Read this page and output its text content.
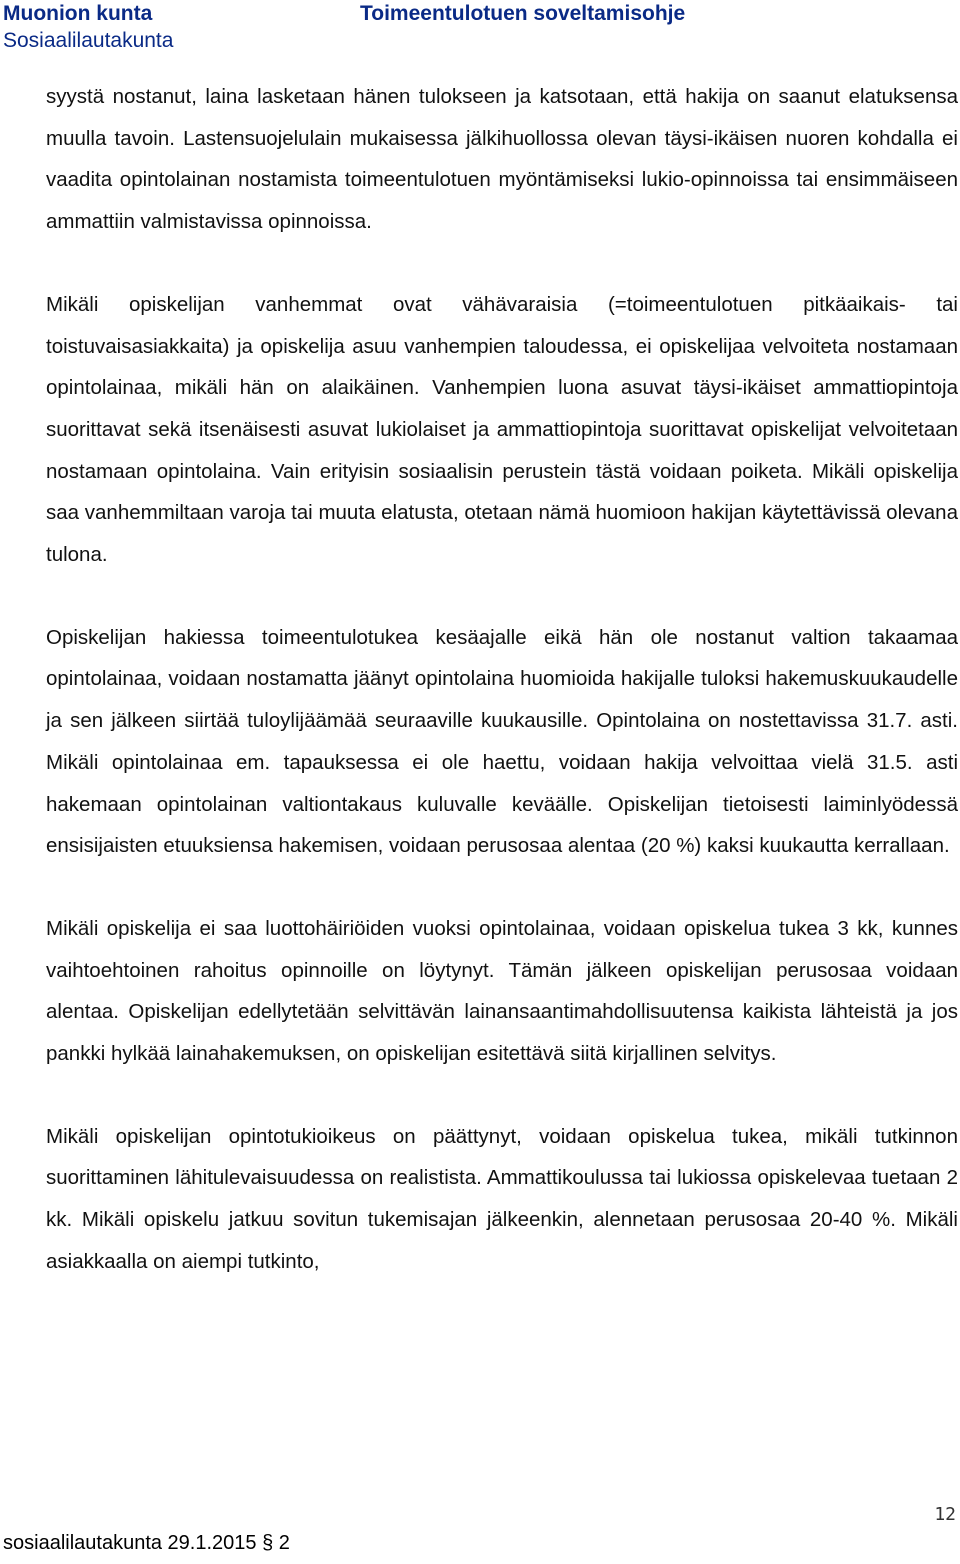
Muonion kunta
Sosiaalilautakunta
Toimeentulotuen soveltamisohje

syystä nostanut, laina lasketaan hänen tulokseen ja katsotaan, että hakija on saanut elatuksensa muulla tavoin. Lastensuojelulain mukaisessa jälkihuollossa olevan täysi-ikäisen nuoren kohdalla ei vaadita opintolainan nostamista toimeentulotuen myöntämiseksi lukio-opinnoissa tai ensimmäiseen ammattiin valmistavissa opinnoissa.

Mikäli opiskelijan vanhemmat ovat vähävaraisia (=toimeentulotuen pitkäaikais- tai toistuvaisasiakkaita) ja opiskelija asuu vanhempien taloudessa, ei opiskelijaa velvoiteta nostamaan opintolainaa, mikäli hän on alaikäinen. Vanhempien luona asuvat täysi-ikäiset ammattiopintoja suorittavat sekä itsenäisesti asuvat lukiolaiset ja ammattiopintoja suorittavat opiskelijat velvoitetaan nostamaan opintolaina. Vain erityisin sosiaalisin perustein tästä voidaan poiketa. Mikäli opiskelija saa vanhemmiltaan varoja tai muuta elatusta, otetaan nämä huomioon hakijan käytettävissä olevana tulona.

Opiskelijan hakiessa toimeentulotukea kesäajalle eikä hän ole nostanut valtion takaamaa opintolainaa, voidaan nostamatta jäänyt opintolaina huomioida hakijalle tuloksi hakemuskuukaudelle ja sen jälkeen siirtää tuloylijäämää seuraaville kuukausille. Opintolaina on nostettavissa 31.7. asti. Mikäli opintolainaa em. tapauksessa ei ole haettu, voidaan hakija velvoittaa vielä 31.5. asti hakemaan opintolainan valtiontakaus kuluvalle keväälle. Opiskelijan tietoisesti laiminlyödessä ensisijaisten etuuksiensa hakemisen, voidaan perusosaa alentaa (20 %) kaksi kuukautta kerrallaan.

Mikäli opiskelija ei saa luottohäiriöiden vuoksi opintolainaa, voidaan opiskelua tukea 3 kk, kunnes vaihtoehtoinen rahoitus opinnoille on löytynyt. Tämän jälkeen opiskelijan perusosaa voidaan alentaa. Opiskelijan edellytetään selvittävän lainansaantimahdollisuutensa kaikista lähteistä ja jos pankki hylkää lainahakemuksen, on opiskelijan esitettävä siitä kirjallinen selvitys.

Mikäli opiskelijan opintotukioikeus on päättynyt, voidaan opiskelua tukea, mikäli tutkinnon suorittaminen lähitulevaisuudessa on realistista. Ammattikoulussa tai lukiossa opiskelevaa tuetaan 2 kk. Mikäli opiskelu jatkuu sovitun tukemisajan jälkeenkin, alennetaan perusosaa 20-40 %. Mikäli asiakkaalla on aiempi tutkinto,

12
sosiaalilautakunta 29.1.2015 § 2
